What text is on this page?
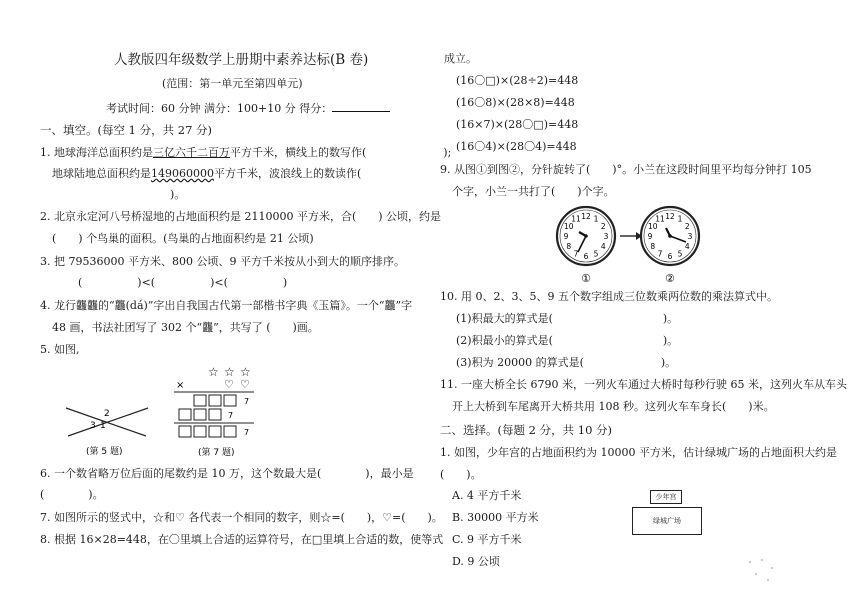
人教版四年级数学上册期中素养达标(B 卷)
(范围：第一单元至第四单元)
考试时间：60 分钟 满分：100+10 分 得分：
一、填空。(每空 1 分，共 27 分)
1. 地球海洋总面积约是三亿六千二百万平方千米，横线上的数写作(　　　　　　　);
地球陆地总面积约是149060000平方千米，波浪线上的数读作(
)。
2. 北京永定河八号桥湿地的占地面积约是 2110000 平方米，合(　　) 公顷，约是
(　　) 个鸟巢的面积。(鸟巢的占地面积约是 21 公顷)
3. 把 79536000 平方米、800 公顷、9 平方千米按从小到大的顺序排序。
(　　　　　)<(　　　　　)<(　　　　　)
4. 龙行龘龘的“龘(dá)”字出自我国古代第一部楷书字典《玉篇》。一个“龘”字
48 画，书法社团写了 302 个“龘”，共写了 (　　)画。
5. 如图,
2
3 1
(第 5 题)
☆ ☆ ☆
×	♡ ♡
7
7
7
(第 7 题)
6. 一个数省略万位后面的尾数约是 10 万，这个数最大是(　　　　)，最小是
(　　　　)。
7. 如图所示的竖式中，☆和♡ 各代表一个相同的数字，则☆=(　　)，♡=(　　)。
8. 根据 16×28=448，在〇里填上合适的运算符号，在□里填上合适的数，使等式
成立。
(16〇□)×(28÷2)=448
(16〇8)×(28×8)=448
(16×7)×(28〇□)=448
(16〇4)×(28〇4)=448
9. 从图①到图②，分针旋转了(　　)°。小兰在这段时间里平均每分钟打 105
个字，小兰一共打了(　　)个字。
12 1
2
3
4
5
6
7
8
9
10
11	12 1
2
3
4
5
6
7
8
9
10
11
①	②
10. 用 0、2、3、5、9 五个数字组成三位数乘两位数的乘法算式中。
(1)积最大的算式是(　　　　　　　　　　)。
(2)积最小的算式是(　　　　　　　　　　)。
(3)积为 20000 的算式是(　　　　　　　)。
11. 一座大桥全长 6790 米，一列火车通过大桥时每秒行驶 65 米，这列火车从车头
开上大桥到车尾离开大桥共用 108 秒。这列火车车身长(　　)米。
二、选择。(每题 2 分，共 10 分)
1. 如图，少年宫的占地面积约为 10000 平方米，估计绿城广场的占地面积大约是
(　　)。
A. 4 平方千米
B. 30000 平方米
C. 9 平方千米
D. 9 公顷
少年宫
绿城广场
